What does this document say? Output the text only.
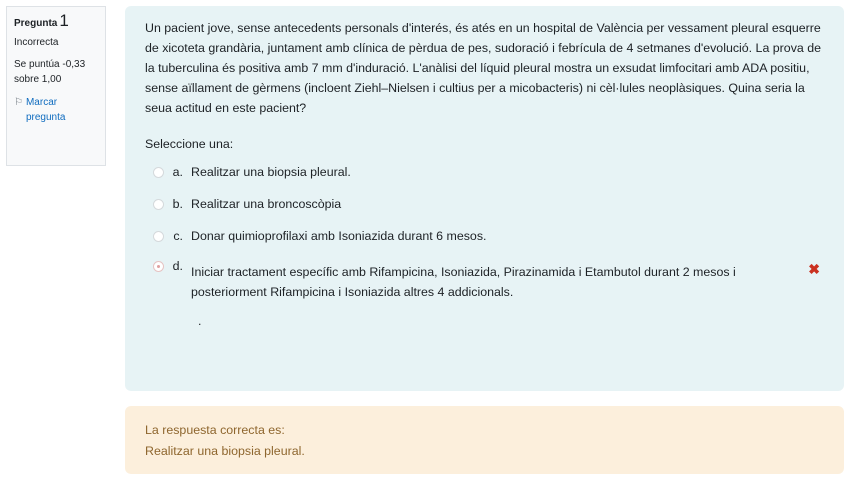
Pregunta 1
Incorrecta
Se puntúa -0,33 sobre 1,00
⚐ Marcar pregunta
Un pacient jove, sense antecedents personals d'interés, és atés en un hospital de València per vessament pleural esquerre de xicoteta grandària, juntament amb clínica de pèrdua de pes, sudoració i febrícula de 4 setmanes d'evolució. La prova de la tuberculina és positiva amb 7 mm d'induració. L'anàlisi del líquid pleural mostra un exsudat limfocitari amb ADA positiu, sense aïllament de gèrmens (incloent Ziehl–Nielsen i cultius per a micobacteris) ni cèl·lules neoplàsiques. Quina seria la seua actitud en este pacient?
Seleccione una:
a. Realitzar una biopsia pleural.
b. Realitzar una broncoscòpia
c. Donar quimioprofilaxi amb Isoniazida durant 6 mesos.
d. Iniciar tractament específic amb Rifampicina, Isoniazida, Pirazinamida i Etambutol durant 2 mesos i posteriorment Rifampicina i Isoniazida altres 4 addicionals.
✖
.
La respuesta correcta es:
Realitzar una biopsia pleural.
